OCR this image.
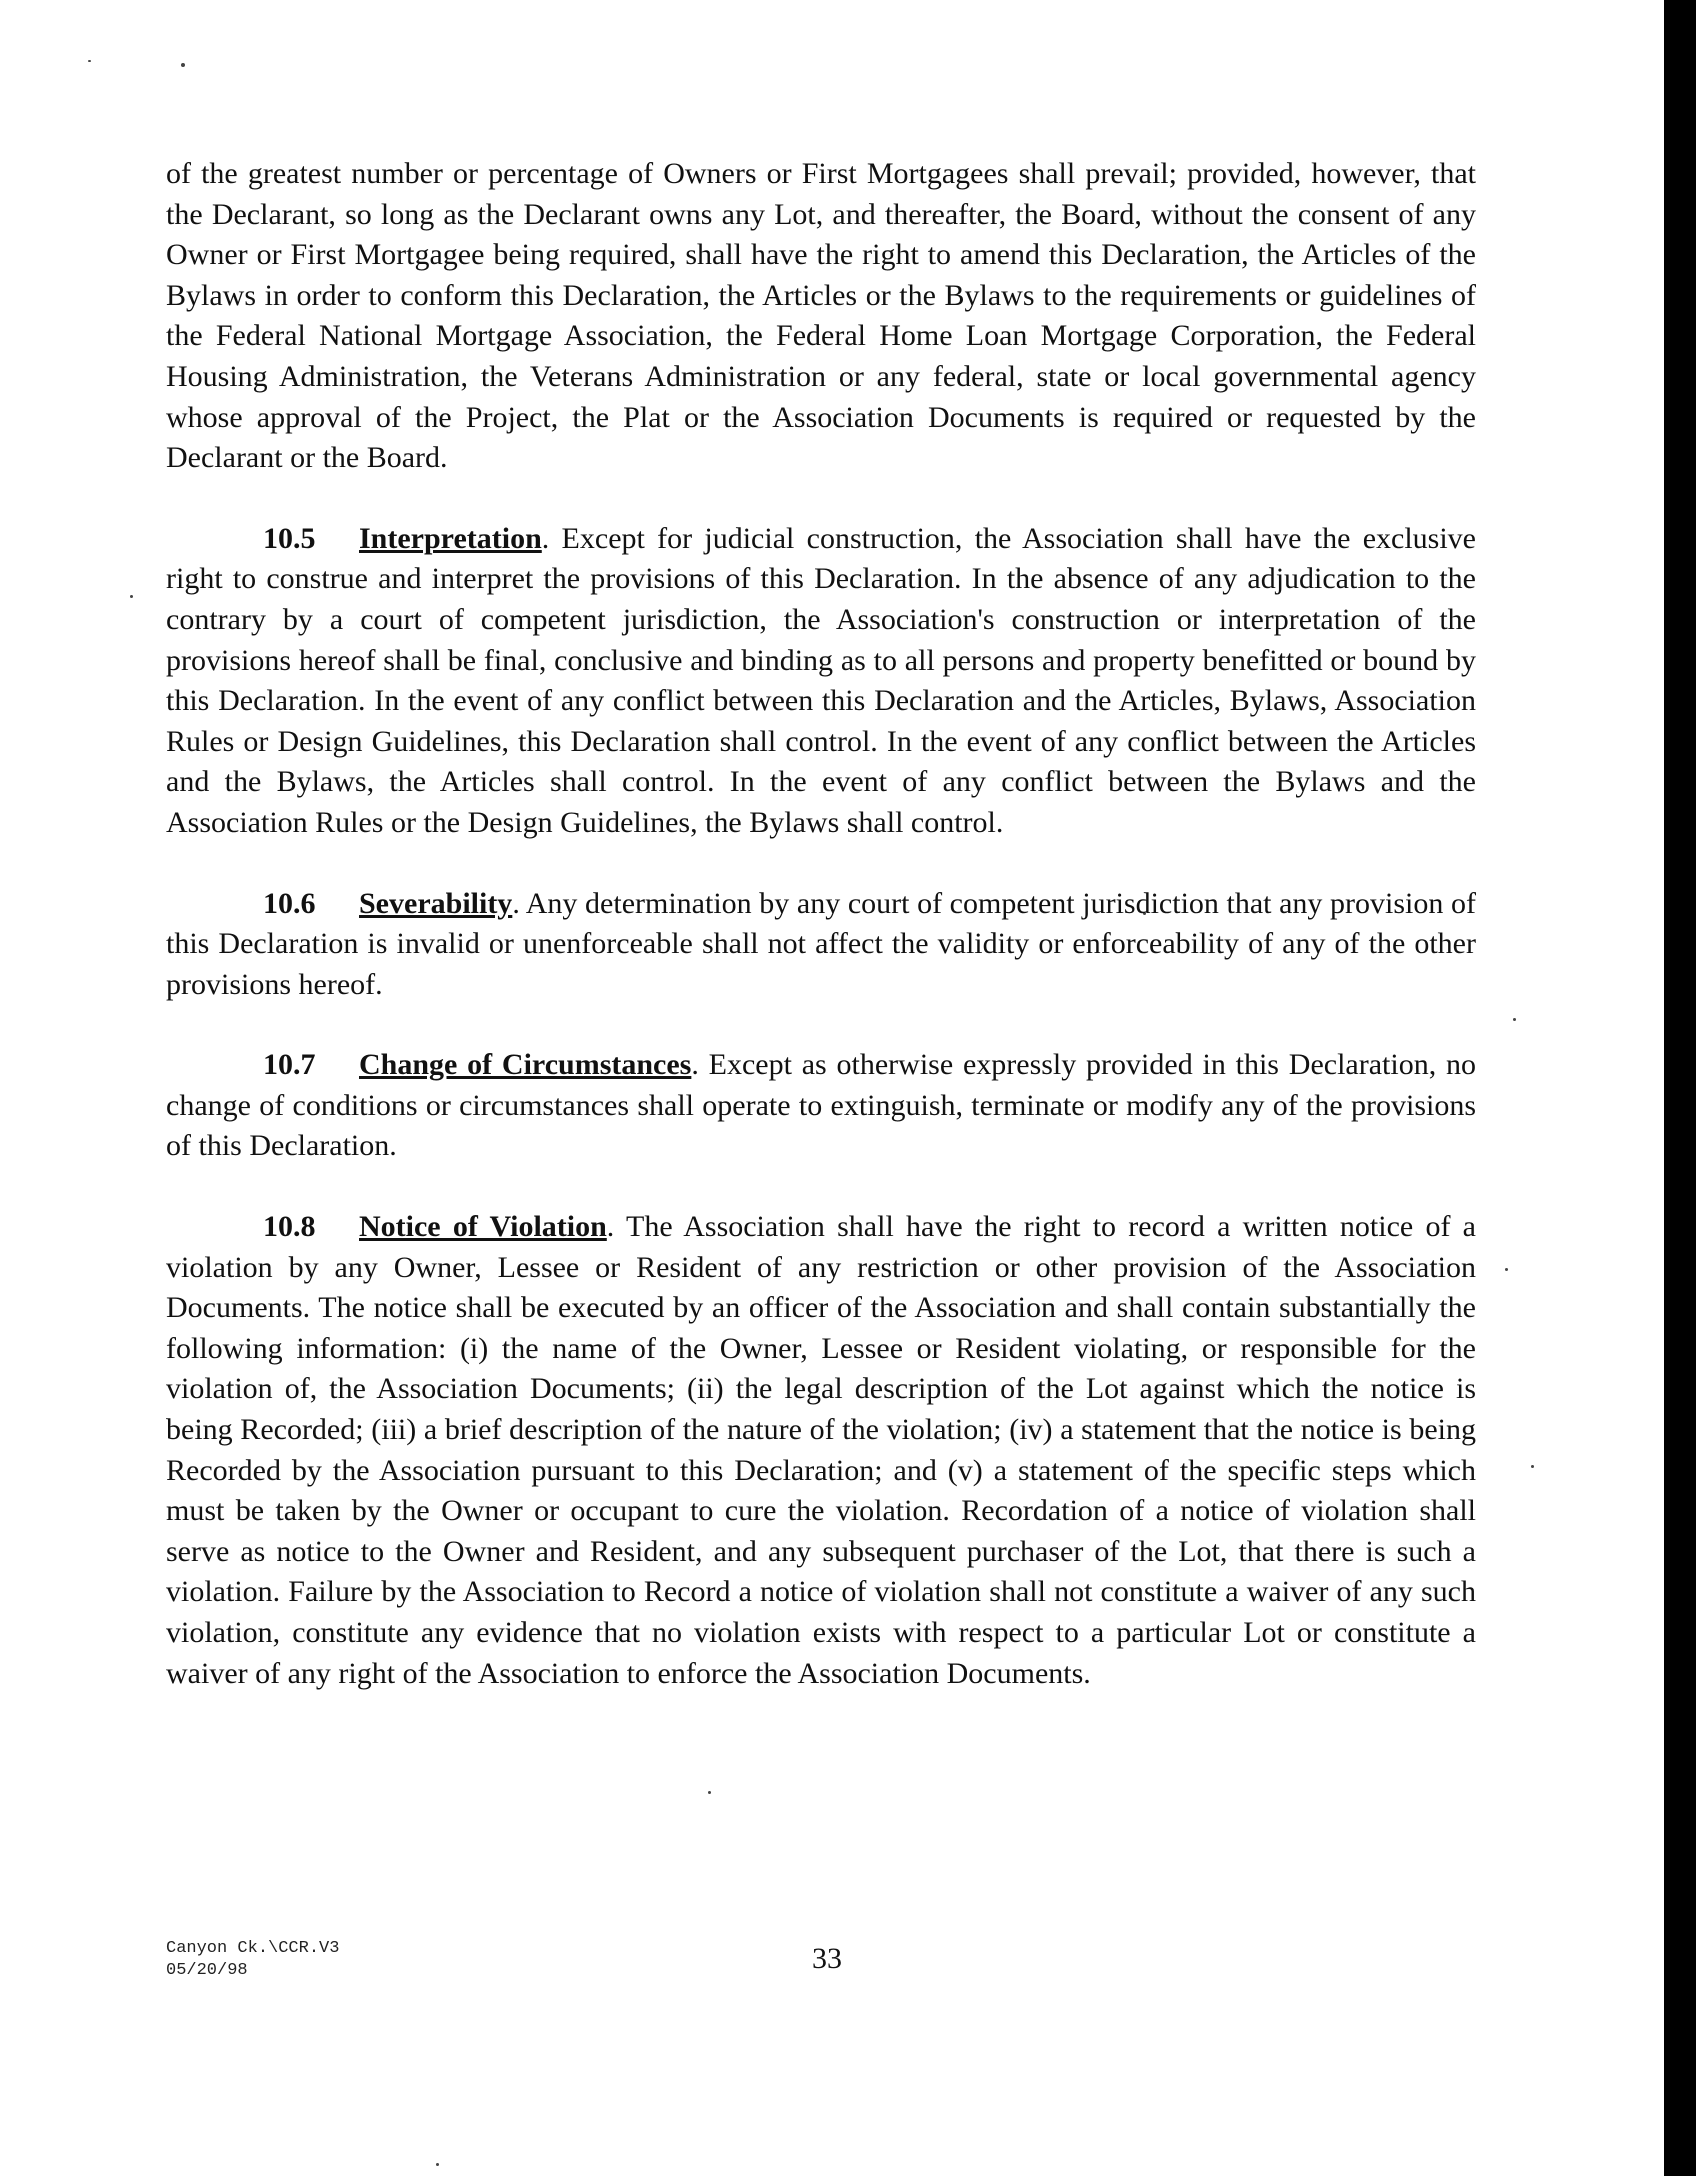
of the greatest number or percentage of Owners or First Mortgagees shall prevail; provided, however, that the Declarant, so long as the Declarant owns any Lot, and thereafter, the Board, without the consent of any Owner or First Mortgagee being required, shall have the right to amend this Declaration, the Articles of the Bylaws in order to conform this Declaration, the Articles or the Bylaws to the requirements or guidelines of the Federal National Mortgage Association, the Federal Home Loan Mortgage Corporation, the Federal Housing Administration, the Veterans Administration or any federal, state or local governmental agency whose approval of the Project, the Plat or the Association Documents is required or requested by the Declarant or the Board.

10.5 Interpretation. Except for judicial construction, the Association shall have the exclusive right to construe and interpret the provisions of this Declaration. In the absence of any adjudication to the contrary by a court of competent jurisdiction, the Association's construction or interpretation of the provisions hereof shall be final, conclusive and binding as to all persons and property benefitted or bound by this Declaration. In the event of any conflict between this Declaration and the Articles, Bylaws, Association Rules or Design Guidelines, this Declaration shall control. In the event of any conflict between the Articles and the Bylaws, the Articles shall control. In the event of any conflict between the Bylaws and the Association Rules or the Design Guidelines, the Bylaws shall control.

10.6 Severability. Any determination by any court of competent jurisdiction that any provision of this Declaration is invalid or unenforceable shall not affect the validity or enforceability of any of the other provisions hereof.

10.7 Change of Circumstances. Except as otherwise expressly provided in this Declaration, no change of conditions or circumstances shall operate to extinguish, terminate or modify any of the provisions of this Declaration.

10.8 Notice of Violation. The Association shall have the right to record a written notice of a violation by any Owner, Lessee or Resident of any restriction or other provision of the Association Documents. The notice shall be executed by an officer of the Association and shall contain substantially the following information: (i) the name of the Owner, Lessee or Resident violating, or responsible for the violation of, the Association Documents; (ii) the legal description of the Lot against which the notice is being Recorded; (iii) a brief description of the nature of the violation; (iv) a statement that the notice is being Recorded by the Association pursuant to this Declaration; and (v) a statement of the specific steps which must be taken by the Owner or occupant to cure the violation. Recordation of a notice of violation shall serve as notice to the Owner and Resident, and any subsequent purchaser of the Lot, that there is such a violation. Failure by the Association to Record a notice of violation shall not constitute a waiver of any such violation, constitute any evidence that no violation exists with respect to a particular Lot or constitute a waiver of any right of the Association to enforce the Association Documents.

Canyon Ck.\CCR.V3
05/20/98	33
